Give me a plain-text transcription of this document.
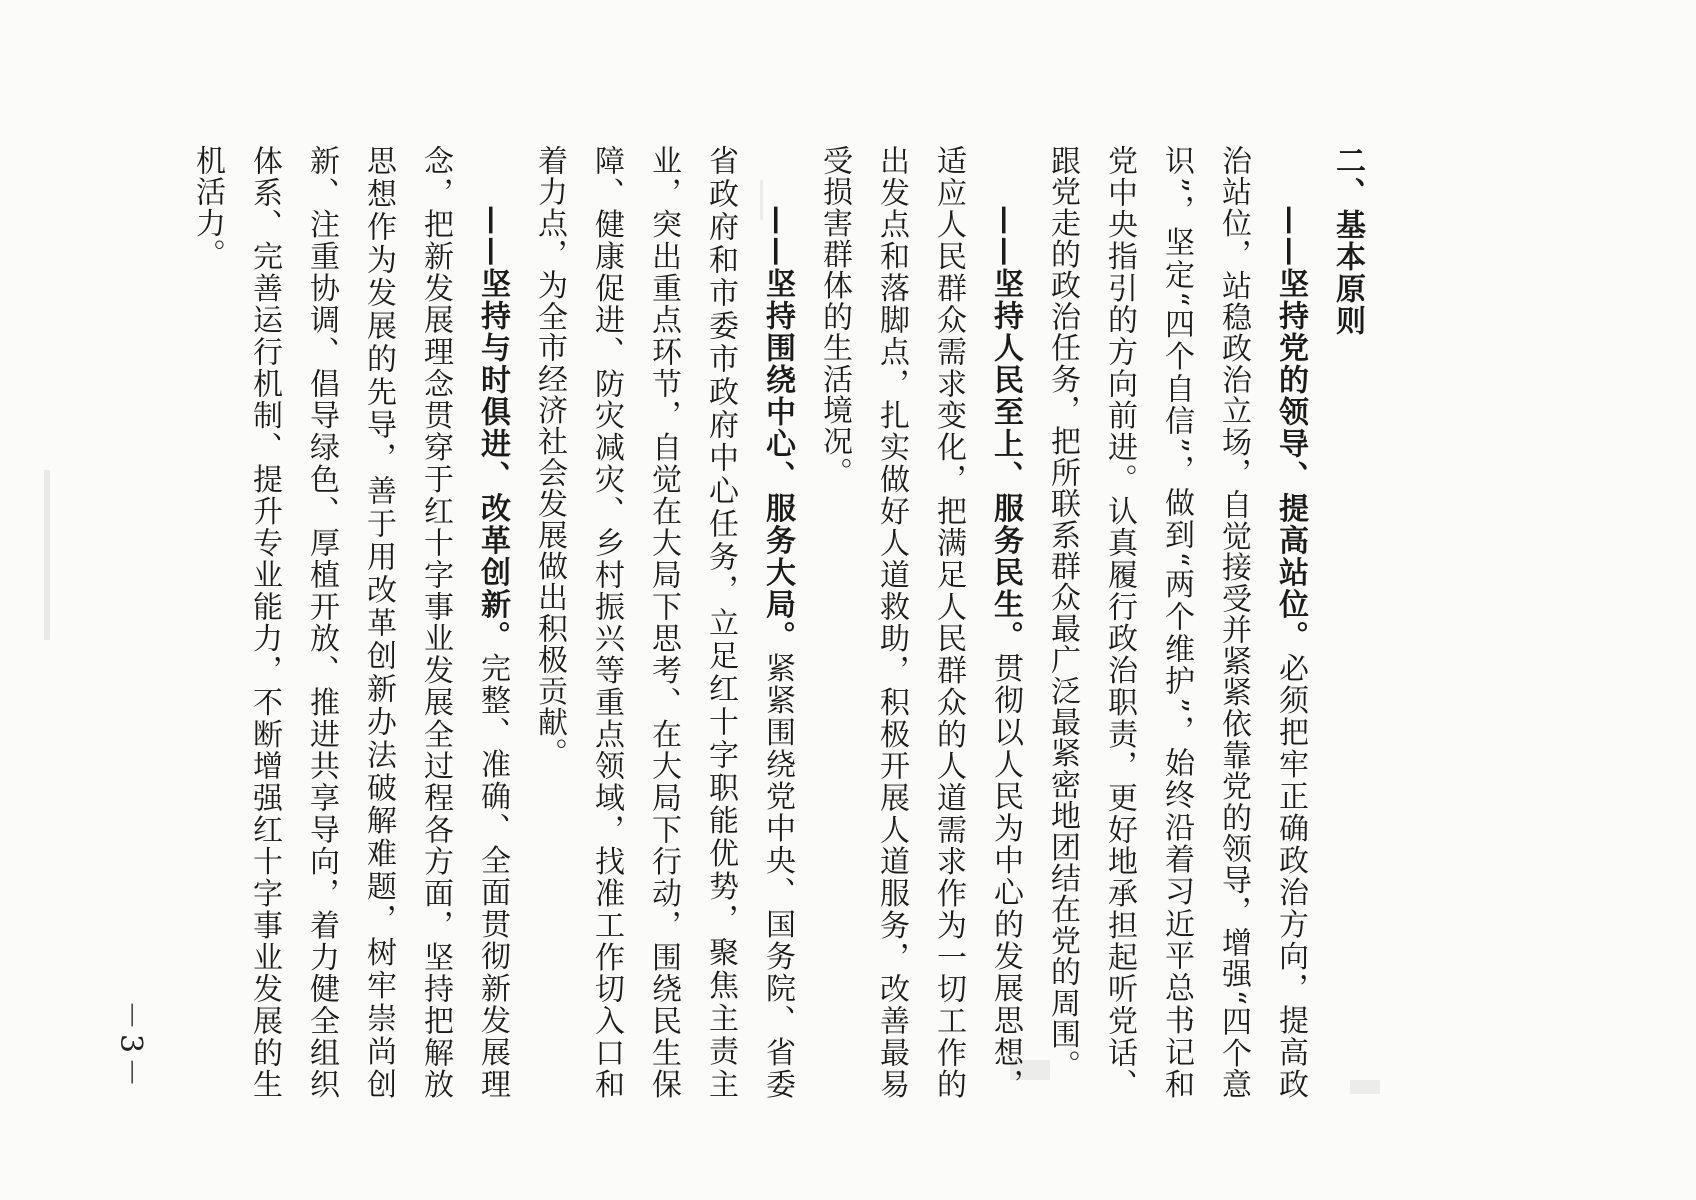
二、基本原则

——坚持党的领导、提高站位。必须把牢正确政治方向，提高政治站位，站稳政治立场，自觉接受并紧紧依靠党的领导，增强“四个意识”，坚定“四个自信”，做到“两个维护”，始终沿着习近平总书记和党中央指引的方向前进。认真履行政治职责，更好地承担起听党话、跟党走的政治任务，把所联系群众最广泛最紧密地团结在党的周围。

——坚持人民至上、服务民生。贯彻以人民为中心的发展思想，适应人民群众需求变化，把满足人民群众的人道需求作为一切工作的出发点和落脚点，扎实做好人道救助，积极开展人道服务，改善最易受损害群体的生活境况。

——坚持围绕中心、服务大局。紧紧围绕党中央、国务院、省委省政府和市委市政府中心任务，立足红十字职能优势，聚焦主责主业，突出重点环节，自觉在大局下思考、在大局下行动，围绕民生保障、健康促进、防灾减灾、乡村振兴等重点领域，找准工作切入口和着力点，为全市经济社会发展做出积极贡献。

——坚持与时俱进、改革创新。完整、准确、全面贯彻新发展理念，把新发展理念贯穿于红十字事业发展全过程各方面，坚持把解放思想作为发展的先导，善于用改革创新办法破解难题，树牢崇尚创新、注重协调、倡导绿色、厚植开放、推进共享导向，着力健全组织体系、完善运行机制、提升专业能力，不断增强红十字事业发展的生机活力。

－3－
